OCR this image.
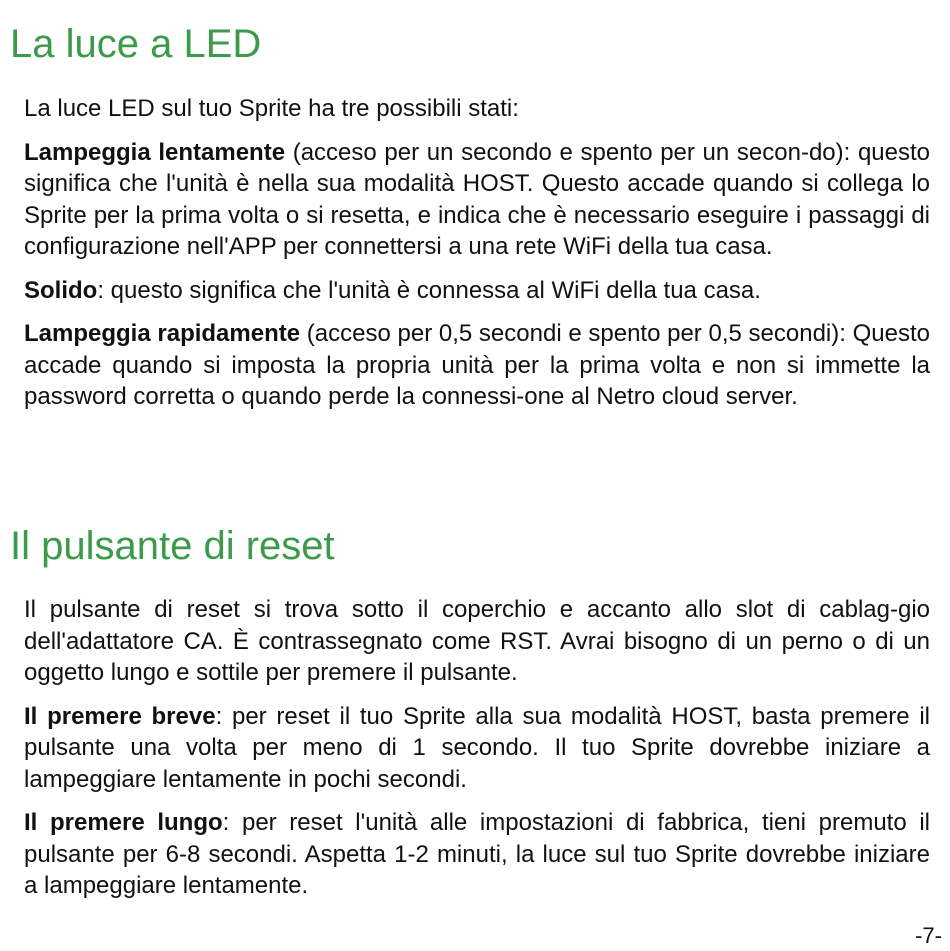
La luce a LED

La luce LED sul tuo Sprite ha tre possibili stati:

Lampeggia lentamente (acceso per un secondo e spento per un secon-do): questo significa che l'unità è nella sua modalità HOST. Questo accade quando si collega lo Sprite per la prima volta o si resetta, e indica che è necessario eseguire i passaggi di configurazione nell'APP per connettersi a una rete WiFi della tua casa.

Solido: questo significa che l'unità è connessa al WiFi della tua casa.

Lampeggia rapidamente (acceso per 0,5 secondi e spento per 0,5 secondi): Questo accade quando si imposta la propria unità per la prima volta e non si immette la password corretta o quando perde la connessi-one al Netro cloud server.

Il pulsante di reset

Il pulsante di reset si trova sotto il coperchio e accanto allo slot di cablag-gio dell'adattatore CA. È contrassegnato come RST. Avrai bisogno di un perno o di un oggetto lungo e sottile per premere il pulsante.

Il premere breve: per reset il tuo Sprite alla sua modalità HOST, basta premere il pulsante una volta per meno di 1 secondo. Il tuo Sprite dovrebbe iniziare a lampeggiare lentamente in pochi secondi.

Il premere lungo: per reset l'unità alle impostazioni di fabbrica, tieni premuto il pulsante per 6-8 secondi. Aspetta 1-2 minuti, la luce sul tuo Sprite dovrebbe iniziare a lampeggiare lentamente.

-7-
